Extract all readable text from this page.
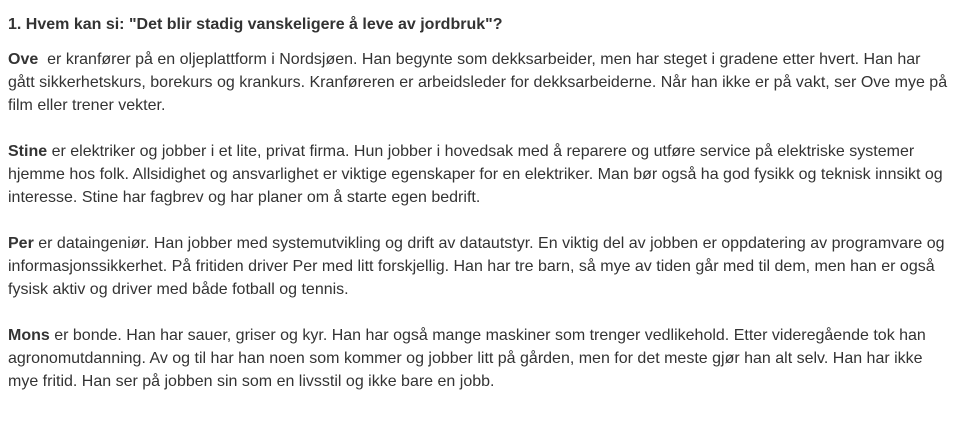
1. Hvem kan si: "Det blir stadig vanskeligere å leve av jordbruk"?

Ove  er kranfører på en oljeplattform i Nordsjøen. Han begynte som dekksarbeider, men har steget i gradene etter hvert. Han har gått sikkerhetskurs, borekurs og krankurs. Kranføreren er arbeidsleder for dekksarbeiderne. Når han ikke er på vakt, ser Ove mye på film eller trener vekter.

Stine er elektriker og jobber i et lite, privat firma. Hun jobber i hovedsak med å reparere og utføre service på elektriske systemer hjemme hos folk. Allsidighet og ansvarlighet er viktige egenskaper for en elektriker. Man bør også ha god fysikk og teknisk innsikt og interesse. Stine har fagbrev og har planer om å starte egen bedrift.

Per er dataingeniør. Han jobber med systemutvikling og drift av datautstyr. En viktig del av jobben er oppdatering av programvare og informasjonssikkerhet. På fritiden driver Per med litt forskjellig. Han har tre barn, så mye av tiden går med til dem, men han er også fysisk aktiv og driver med både fotball og tennis.

Mons er bonde. Han har sauer, griser og kyr. Han har også mange maskiner som trenger vedlikehold. Etter videregående tok han agronomutdanning. Av og til har han noen som kommer og jobber litt på gården, men for det meste gjør han alt selv. Han har ikke mye fritid. Han ser på jobben sin som en livsstil og ikke bare en jobb.
